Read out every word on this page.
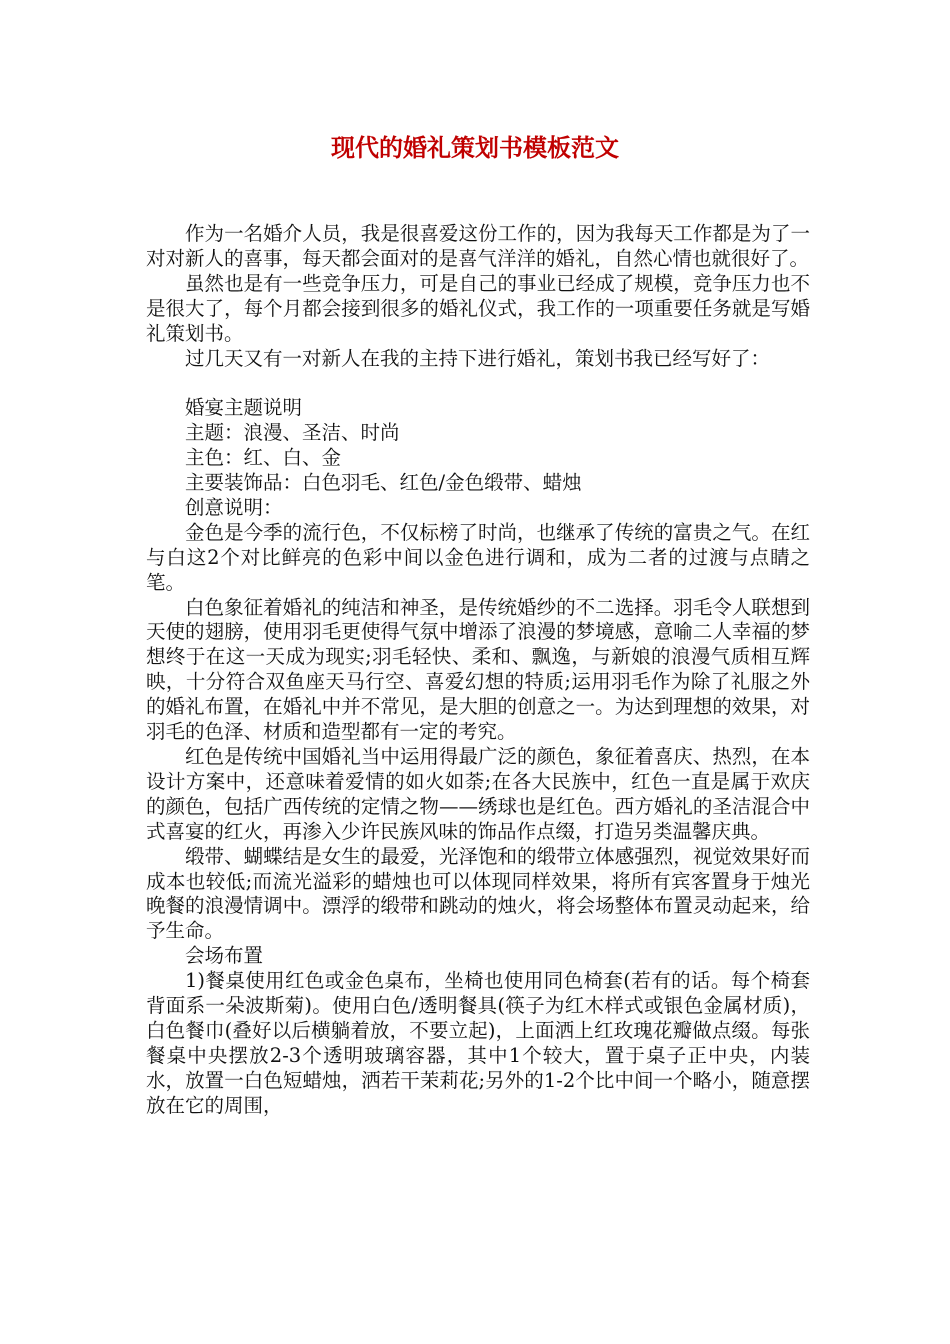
现代的婚礼策划书模板范文

作为一名婚介人员，我是很喜爱这份工作的，因为我每天工作都是为了一对对新人的喜事，每天都会面对的是喜气洋洋的婚礼，自然心情也就很好了。

虽然也是有一些竞争压力，可是自己的事业已经成了规模，竞争压力也不是很大了，每个月都会接到很多的婚礼仪式，我工作的一项重要任务就是写婚礼策划书。

过几天又有一对新人在我的主持下进行婚礼，策划书我已经写好了：

婚宴主题说明

主题：浪漫、圣洁、时尚

主色：红、白、金

主要装饰品：白色羽毛、红色/金色缎带、蜡烛

创意说明：

金色是今季的流行色，不仅标榜了时尚，也继承了传统的富贵之气。在红与白这2个对比鲜亮的色彩中间以金色进行调和，成为二者的过渡与点睛之笔。

白色象征着婚礼的纯洁和神圣，是传统婚纱的不二选择。羽毛令人联想到天使的翅膀，使用羽毛更使得气氛中增添了浪漫的梦境感，意喻二人幸福的梦想终于在这一天成为现实;羽毛轻快、柔和、飘逸，与新娘的浪漫气质相互辉映，十分符合双鱼座天马行空、喜爱幻想的特质;运用羽毛作为除了礼服之外的婚礼布置，在婚礼中并不常见，是大胆的创意之一。为达到理想的效果，对羽毛的色泽、材质和造型都有一定的考究。

红色是传统中国婚礼当中运用得最广泛的颜色，象征着喜庆、热烈，在本设计方案中，还意味着爱情的如火如荼;在各大民族中，红色一直是属于欢庆的颜色，包括广西传统的定情之物——绣球也是红色。西方婚礼的圣洁混合中式喜宴的红火，再渗入少许民族风味的饰品作点缀，打造另类温馨庆典。

缎带、蝴蝶结是女生的最爱，光泽饱和的缎带立体感强烈，视觉效果好而成本也较低;而流光溢彩的蜡烛也可以体现同样效果，将所有宾客置身于烛光晚餐的浪漫情调中。漂浮的缎带和跳动的烛火，将会场整体布置灵动起来，给予生命。

会场布置

1)餐桌使用红色或金色桌布，坐椅也使用同色椅套(若有的话。每个椅套背面系一朵波斯菊)。使用白色/透明餐具(筷子为红木样式或银色金属材质)，白色餐巾(叠好以后横躺着放，不要立起)，上面洒上红玫瑰花瓣做点缀。每张餐桌中央摆放2-3个透明玻璃容器，其中1个较大，置于桌子正中央，内装水，放置一白色短蜡烛，洒若干茉莉花;另外的1-2个比中间一个略小，随意摆放在它的周围，
